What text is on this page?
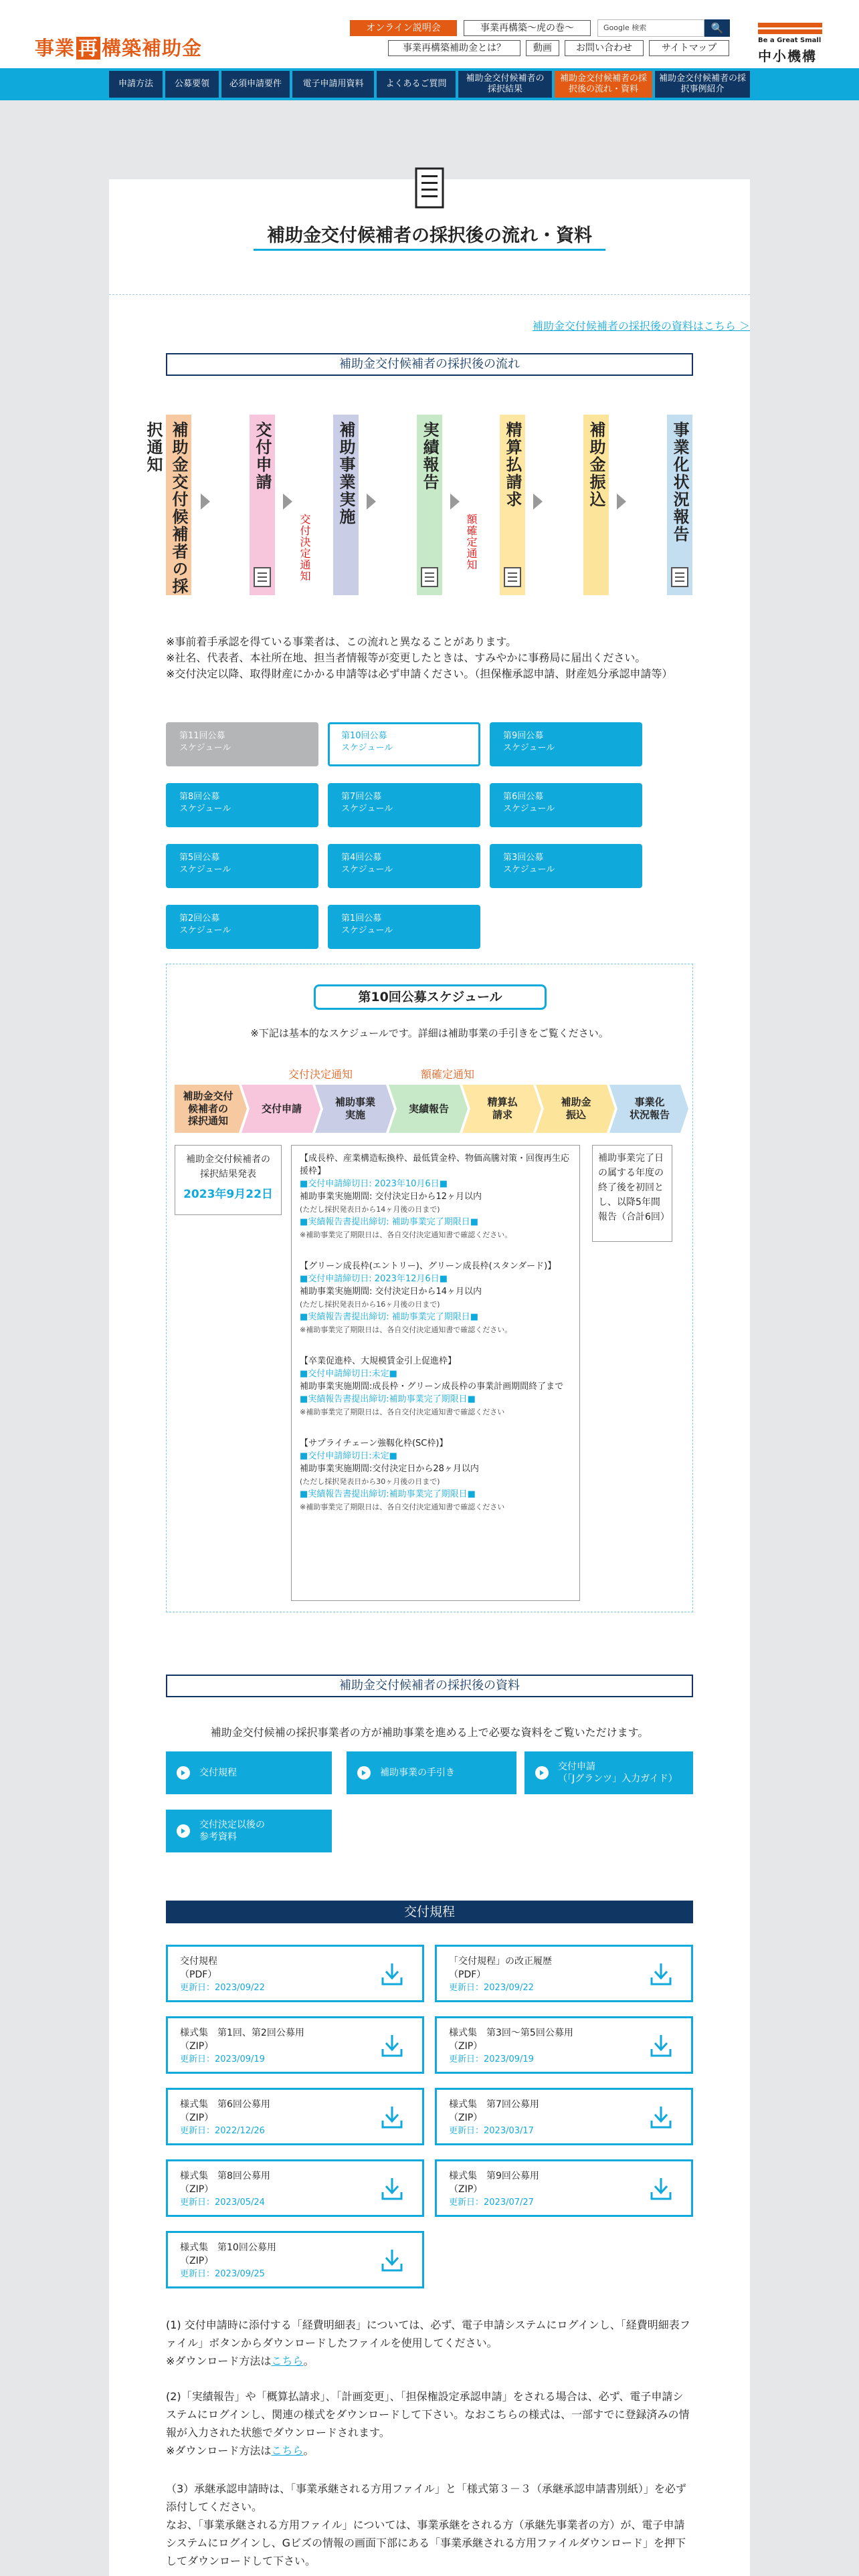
事業 再 構築補助金
オンライン説明会	事業再構築〜虎の巻〜
事業再構築補助金とは？	動画	お問い合わせ	サイトマップ
Google 検索	🔍
Be a Great Small
中小機構
申請方法	公募要領	必須申請要件	電子申請用資料	よくあるご質問
補助金交付候補者の採択結果
補助金交付候補者の採択後の流れ・資料
補助金交付候補者の採択事例紹介
補助金交付候補者の採択後の流れ・資料
補助金交付候補者の採択後の資料はこちら ＞
補助金交付候補者の採択後の流れ
補助金交付候補者の採択通知	交付申請
交付決定通知
補助事業実施	実績報告
額確定通知
精算払請求	補助金振込	事業化状況報告
※事前着手承認を得ている事業者は、この流れと異なることがあります。
※社名、代表者、本社所在地、担当者情報等が変更したときは、すみやかに事務局に届出ください。
※交付決定以降、取得財産にかかる申請等は必ず申請ください。（担保権承認申請、財産処分承認申請等）
第11回公募
スケジュール
第10回公募
スケジュール
第9回公募
スケジュール
第8回公募
スケジュール
第7回公募
スケジュール
第6回公募
スケジュール
第5回公募
スケジュール
第4回公募
スケジュール
第3回公募
スケジュール
第2回公募
スケジュール
第1回公募
スケジュール
第10回公募スケジュール
※下記は基本的なスケジュールです。詳細は補助事業の手引きをご覧ください。
補助金交付
候補者の
採択通知
交付申請
補助事業
実施
実績報告
精算払
請求
補助金
振込
事業化
状況報告
交付決定通知	額確定通知
補助金交付候補者の
採択結果発表
2023年9月22日
【成長枠、産業構造転換枠、最低賃金枠、物価高騰対策・回復再生応援枠】
■交付申請締切日: 2023年10月6日■
補助事業実施期間: 交付決定日から12ヶ月以内
(ただし採択発表日から14ヶ月後の日まで)
■実績報告書提出締切: 補助事業完了期限日■
※補助事業完了期限日は、各自交付決定通知書で確認ください。
【グリーン成長枠(エントリー)、グリーン成長枠(スタンダード)】
■交付申請締切日: 2023年12月6日■
補助事業実施期間: 交付決定日から14ヶ月以内
(ただし採択発表日から16ヶ月後の日まで)
■実績報告書提出締切: 補助事業完了期限日■
※補助事業完了期限日は、各自交付決定通知書で確認ください。
【卒業促進枠、大規模賃金引上促進枠】
■交付申請締切日:未定■
補助事業実施期間:成長枠・グリーン成長枠の事業計画期間終了まで
■実績報告書提出締切:補助事業完了期限日■
※補助事業完了期限日は、各自交付決定通知書で確認ください
【サプライチェーン強靱化枠(SC枠)】
■交付申請締切日:未定■
補助事業実施期間:交付決定日から28ヶ月以内
(ただし採択発表日から30ヶ月後の日まで)
■実績報告書提出締切:補助事業完了期限日■
※補助事業完了期限日は、各自交付決定通知書で確認ください
補助事業完了日の属する年度の終了後を初回とし、以降5年間報告（合計6回）
補助金交付候補者の採択後の資料
補助金交付候補の採択事業者の方が補助事業を進める上で必要な資料をご覧いただけます。
交付規程	補助事業の手引き
交付申請
（「Jグランツ」入力ガイド）
交付決定以後の
参考資料
交付規程
交付規程
（PDF）
更新日：2023/09/22
「交付規程」の改正履歴
（PDF）
更新日：2023/09/22
様式集　第1回、第2回公募用
（ZIP）
更新日：2023/09/19
様式集　第3回〜第5回公募用
（ZIP）
更新日：2023/09/19
様式集　第6回公募用
（ZIP）
更新日：2022/12/26
様式集　第7回公募用
（ZIP）
更新日：2023/03/17
様式集　第8回公募用
（ZIP）
更新日：2023/05/24
様式集　第9回公募用
（ZIP）
更新日：2023/07/27
様式集　第10回公募用
（ZIP）
更新日：2023/09/25
(1) 交付申請時に添付する「経費明細表」については、必ず、電子申請システムにログインし、「経費明細表ファイル」ボタンからダウンロードしたファイルを使用してください。
※ダウンロード方法はこちら。
(2)「実績報告」や「概算払請求」、「計画変更」、「担保権設定承認申請」をされる場合は、必ず、電子申請システムにログインし、関連の様式をダウンロードして下さい。なおこちらの様式は、一部すでに登録済みの情報が入力された状態でダウンロードされます。
※ダウンロード方法はこちら。
（3）承継承認申請時は、「事業承継される方用ファイル」と「様式第３－３（承継承認申請書別紙）」を必ず添付してください。
なお、「事業承継される方用ファイル」については、事業承継をされる方（承継先事業者の方）が、電子申請システムにログインし、Gビズの情報の画面下部にある「事業承継される方用ファイルダウンロード」を押下してダウンロードして下さい。
